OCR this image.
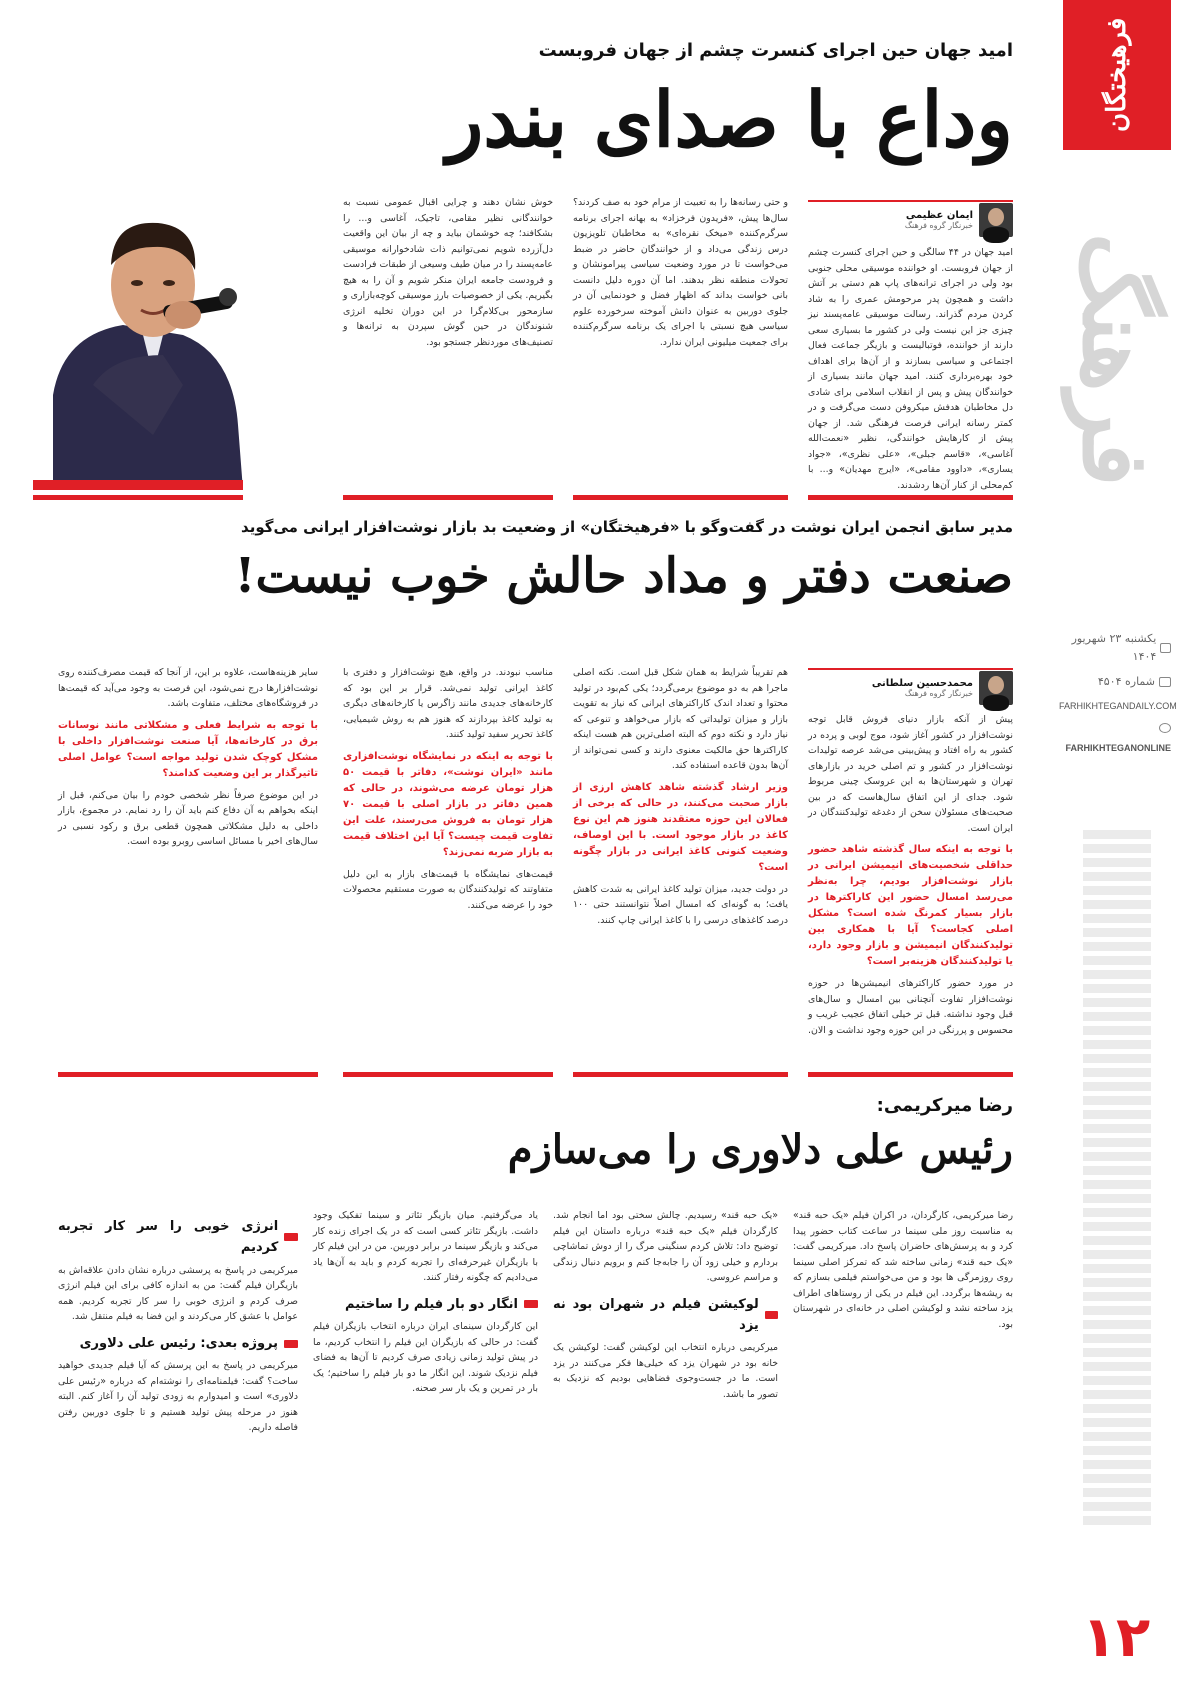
فرهیختگان
فرهنگ
یکشنبه ۲۳ شهریور ۱۴۰۴
شماره ۴۵۰۴
FARHIKHTEGANDAILY.COM
FARHIKHTEGANONLINE
۱۲
امید جهان حین اجرای کنسرت چشم از جهان فروبست
وداع با صدای بندر
ایمان عظیمی
خبرنگار گروه فرهنگ
امید جهان در ۴۴ سالگی و حین اجرای کنسرت چشم از جهان فروبست. او خواننده موسیقی محلی جنوبی بود ولی در اجرای ترانه‌های پاپ هم دستی بر آتش داشت و همچون پدر مرحومش عمری را به شاد کردن مردم گذراند. رسالت موسیقی عامه‌پسند نیز چیزی جز این نیست ولی در کشور ما بسیاری سعی دارند از خواننده، فوتبالیست و بازیگر جماعت فعال اجتماعی و سیاسی بسازند و از آن‌ها برای اهداف خود بهره‌برداری کنند. امید جهان مانند بسیاری از خوانندگان پیش و پس از انقلاب اسلامی برای شادی دل مخاطبان هدفش میکروفن دست می‌گرفت و در کمتر رسانه ایرانی فرصت فرهنگی شد. از جهان پیش از کارهایش خوانندگی، نظیر «نعمت‌الله آغاسی»، «قاسم جبلی»، «علی نظری»، «جواد یساری»، «داوود مقامی»، «ایرج مهدیان» و... با کم‌محلی از کنار آن‌ها ردشدند.
و حتی رسانه‌ها را به تعبیت از مرام خود به صف کردند؟ سال‌ها پیش، «فریدون فرخزاد» به بهانه اجرای برنامه سرگرم‌کننده «میخک نقره‌ای» به مخاطبان تلویزیون درس زندگی می‌داد و از خوانندگان حاضر در ضبط می‌خواست تا در مورد وضعیت سیاسی پیرامونشان و تحولات منطقه نظر بدهند. اما آن دوره دلیل دانست بانی خواست بداند که اظهار فضل و خودنمایی آن در جلوی دوربین به عنوان دانش آموخته سرخورده علوم سیاسی هیچ نسبتی با اجرای یک برنامه سرگرم‌کننده برای جمعیت میلیونی ایران ندارد.
خوش نشان دهند و چرایی اقبال عمومی نسبت به خوانندگانی نظیر مقامی، تاجیک، آغاسی و... را بشکافند؛ چه خوشمان بیاید و چه از بیان این واقعیت دل‌آزرده شویم نمی‌توانیم ذات شادخوارانه موسیقی عامه‌پسند را در میان طیف وسیعی از طبقات فرادست و فرودست جامعه ایران منکر شویم و آن را به هیچ بگیریم. یکی از خصوصیات بارز موسیقی کوچه‌بازاری و سازمحور بی‌کلام‌گرا در این دوران تخلیه انرژی شنوندگان در حین گوش سپردن به ترانه‌ها و تصنیف‌های موردنظر جستجو بود.
مدیر سابق انجمن ایران نوشت در گفت‌وگو با «فرهیختگان» از وضعیت بد بازار نوشت‌افزار ایرانی می‌گوید
صنعت دفتر و مداد حالش خوب نیست!
محمدحسین سلطانی
خبرنگار گروه فرهنگ

پیش از آنکه بازار دنیای فروش قابل توجه نوشت‌افزار در کشور آغاز شود، موج لوبی و پرده در کشور به راه افتاد و پیش‌بینی می‌شد عرصه تولیدات نوشت‌افزار در کشور و تم اصلی خرید در بازارهای تهران و شهرستان‌ها به این عروسک چینی مربوط شود. جدای از این اتفاق سال‌هاست که در بین صحبت‌های مسئولان سخن از دغدغه تولیدکنندگان در ایران است.

با توجه به اینکه سال گذشته شاهد حضور حداقلی شخصیت‌های انیمیشن ایرانی در بازار نوشت‌افزار بودیم، چرا به‌نظر می‌رسد امسال حضور این کاراکترها در بازار بسیار کمرنگ شده است؟ مشکل اصلی کجاست؟ آیا با همکاری بین تولیدکنندگان انیمیشن و بازار وجود دارد، یا تولیدکنندگان هزینه‌بر است؟

در مورد حضور کاراکترهای انیمیشن‌ها در حوزه نوشت‌افزار تفاوت آنچنانی بین امسال و سال‌های قبل وجود نداشته. قبل تر خیلی اتفاق عجیب غریب و محسوس و پررنگی در این حوزه وجود نداشت و الان.

هم تقریباً شرایط به همان شکل قبل است. نکته اصلی ماجرا هم به دو موضوع برمی‌گردد؛ یکی کم‌بود در تولید محتوا و تعداد اندک کاراکترهای ایرانی که نیاز به تقویت بازار و میزان تولیداتی که بازار می‌خواهد و تنوعی که نیاز دارد و نکته دوم که البته اصلی‌ترین هم هست اینکه کاراکترها حق مالکیت معنوی دارند و کسی نمی‌تواند از آن‌ها بدون قاعده استفاده کند.

وزیر ارشاد گذشته شاهد کاهش ارزی از بازار صحبت می‌کنند، در حالی که برخی از فعالان این حوزه معتقدند هنوز هم این نوع کاغذ در بازار موجود است. با این اوصاف، وضعیت کنونی کاغذ ایرانی در بازار چگونه است؟

در دولت جدید، میزان تولید کاغذ ایرانی به شدت کاهش یافت؛ به گونه‌ای که امسال اصلاً نتوانستند حتی ۱۰۰ درصد کاغذهای درسی را با کاغذ ایرانی چاپ کنند.

مناسب نبودند. در واقع، هیچ نوشت‌افزار و دفتری با کاغذ ایرانی تولید نمی‌شد. قرار بر این بود که کارخانه‌های جدیدی مانند زاگرس یا کارخانه‌های دیگری به تولید کاغذ بپردازند که هنوز هم به روش شیمیایی، کاغذ تحریر سفید تولید کنند.

با توجه به اینکه در نمایشگاه نوشت‌افزاری مانند «ایران نوشت»، دفاتر با قیمت ۵۰ هزار تومان عرضه می‌شوند، در حالی که همین دفاتر در بازار اصلی با قیمت ۷۰ هزار تومان به فروش می‌رسند، علت این تفاوت قیمت چیست؟ آیا این اختلاف قیمت به بازار ضربه نمی‌زند؟

قیمت‌های نمایشگاه با قیمت‌های بازار به این دلیل متفاوتند که تولیدکنندگان به صورت مستقیم محصولات خود را عرضه می‌کنند.

سایر هزینه‌هاست، علاوه بر این، از آنجا که قیمت مصرف‌کننده روی نوشت‌افزارها درج نمی‌شود، این فرصت به وجود می‌آید که قیمت‌ها در فروشگاه‌های مختلف، متفاوت باشد.

با توجه به شرایط فعلی و مشکلاتی مانند نوسانات برق در کارخانه‌ها، آیا صنعت نوشت‌افزار داخلی با مشکل کوچک شدن تولید مواجه است؟ عوامل اصلی تاثیرگذار بر این وضعیت کدامند؟

در این موضوع صرفاً نظر شخصی خودم را بیان می‌کنم، قبل از اینکه بخواهم به آن دفاع کنم باید آن را رد نمایم. در مجموع، بازار داخلی به دلیل مشکلاتی همچون قطعی برق و رکود نسبی در سال‌های اخیر با مسائل اساسی روبرو بوده است.

رضا میرکریمی:
رئیس علی دلاوری را می‌سازم

رضا میرکریمی، کارگردان، در اکران فیلم «یک حبه قند» به مناسبت روز ملی سینما در ساعت کتاب حضور پیدا کرد و به پرسش‌های حاضران پاسخ داد. میرکریمی گفت: «یک حبه قند» زمانی ساخته شد که تمرکز اصلی سینما روی روزمرگی ها بود و من می‌خواستم فیلمی بسازم که به ریشه‌ها برگردد. این فیلم در یکی از روستاهای اطراف یزد ساخته نشد و لوکیشن اصلی در خانه‌ای در شهرستان بود.

«یک حبه قند» رسیدیم. چالش سختی بود اما انجام شد. کارگردان فیلم «یک حبه قند» درباره داستان این فیلم توضیح داد: تلاش کردم سنگینی مرگ را از دوش تماشاچی بردارم و خیلی زود آن را جابه‌جا کنم و برویم دنبال زندگی و مراسم عروسی.

لوکیشن فیلم در شهران بود نه یزد

میرکریمی درباره انتخاب این لوکیشن گفت: لوکیشن یک خانه بود در شهران یزد که خیلی‌ها فکر می‌کنند در یزد است. ما در جست‌وجوی فضاهایی بودیم که نزدیک به تصور ما باشد.

یاد می‌گرفتیم. میان بازیگر تئاتر و سینما تفکیک وجود داشت. بازیگر تئاتر کسی است که در یک اجرای زنده کار می‌کند و بازیگر سینما در برابر دوربین. من در این فیلم کار با بازیگران غیرحرفه‌ای را تجربه کردم و باید به آن‌ها یاد می‌دادیم که چگونه رفتار کنند.

انگار دو بار فیلم را ساختیم

این کارگردان سینمای ایران درباره انتخاب بازیگران فیلم گفت: در حالی که بازیگران این فیلم را انتخاب کردیم، ما در پیش تولید زمانی زیادی صرف کردیم تا آن‌ها به فضای فیلم نزدیک شوند. این انگار ما دو بار فیلم را ساختیم؛ یک بار در تمرین و یک بار سر صحنه.

انرژی خوبی را سر کار تجربه کردیم

میرکریمی در پاسخ به پرسشی درباره نشان دادن علاقه‌اش به بازیگران فیلم گفت: من به اندازه کافی برای این فیلم انرژی صرف کردم و انرژی خوبی را سر کار تجربه کردیم. همه عوامل با عشق کار می‌کردند و این فضا به فیلم منتقل شد.

پروژه بعدی: رئیس علی دلاوری

میرکریمی در پاسخ به این پرسش که آیا فیلم جدیدی خواهید ساخت؟ گفت: فیلمنامه‌ای را نوشته‌ام که درباره «رئیس علی دلاوری» است و امیدوارم به زودی تولید آن را آغاز کنم. البته هنوز در مرحله پیش تولید هستیم و تا جلوی دوربین رفتن فاصله داریم.
